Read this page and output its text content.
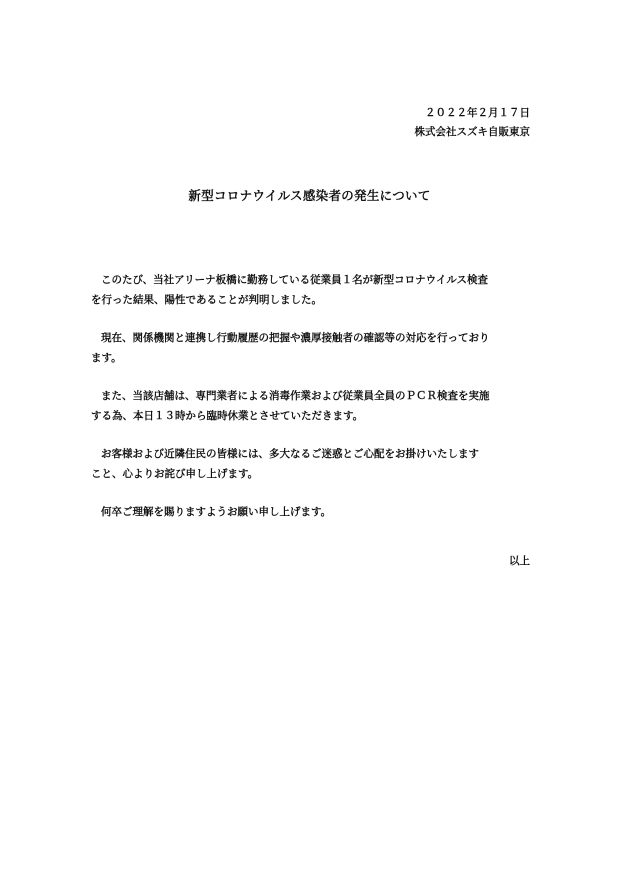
２０２２年２月１７日
株式会社スズキ自販東京
新型コロナウイルス感染者の発生について

このたび、当社アリーナ板橋に勤務している従業員１名が新型コロナウイルス検査
を行った結果、陽性であることが判明しました。

現在、関係機関と連携し行動履歴の把握や濃厚接触者の確認等の対応を行っており
ます。

また、当該店舗は、専門業者による消毒作業および従業員全員のＰＣＲ検査を実施
する為、本日１３時から臨時休業とさせていただきます。

お客様および近隣住民の皆様には、多大なるご迷惑とご心配をお掛けいたします
こと、心よりお詫び申し上げます。

何卒ご理解を賜りますようお願い申し上げます。

以上
